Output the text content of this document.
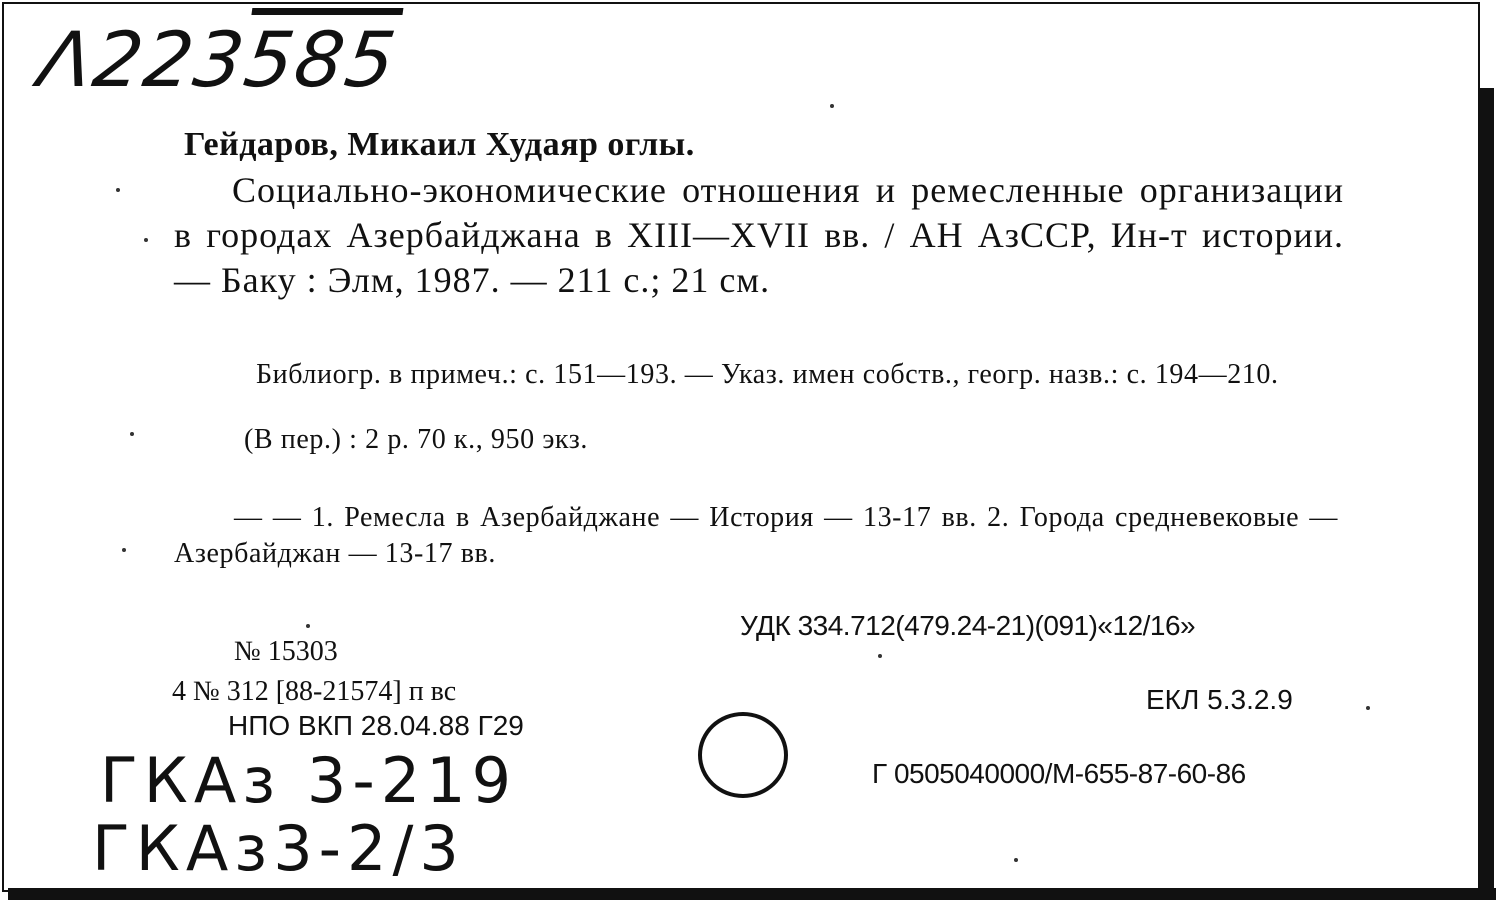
Λ223585
Гейдаров, Микаил Худаяр оглы.
Социально-экономические отношения и ремесленные организации в городах Азербайджана в XIII—XVII вв. / АН АзССР, Ин-т истории. — Баку : Элм, 1987. — 211 с.; 21 см.
Библиогр. в примеч.: с. 151—193. — Указ. имен собств., геогр. назв.: с. 194—210.
(В пер.) : 2 р. 70 к., 950 экз.
— — 1. Ремесла в Азербайджане — История — 13-17 вв. 2. Города средневековые — Азербайджан — 13-17 вв.
УДК 334.712(479.24-21)(091)«12/16»
ЕКЛ 5.3.2.9
Г 0505040000/М-655-87-60-86
№ 15303
4 № 312 [88-21574] п вс
НПО ВКП 28.04.88 Г29
ГКАз 3-219
ГКАз3-2/3
